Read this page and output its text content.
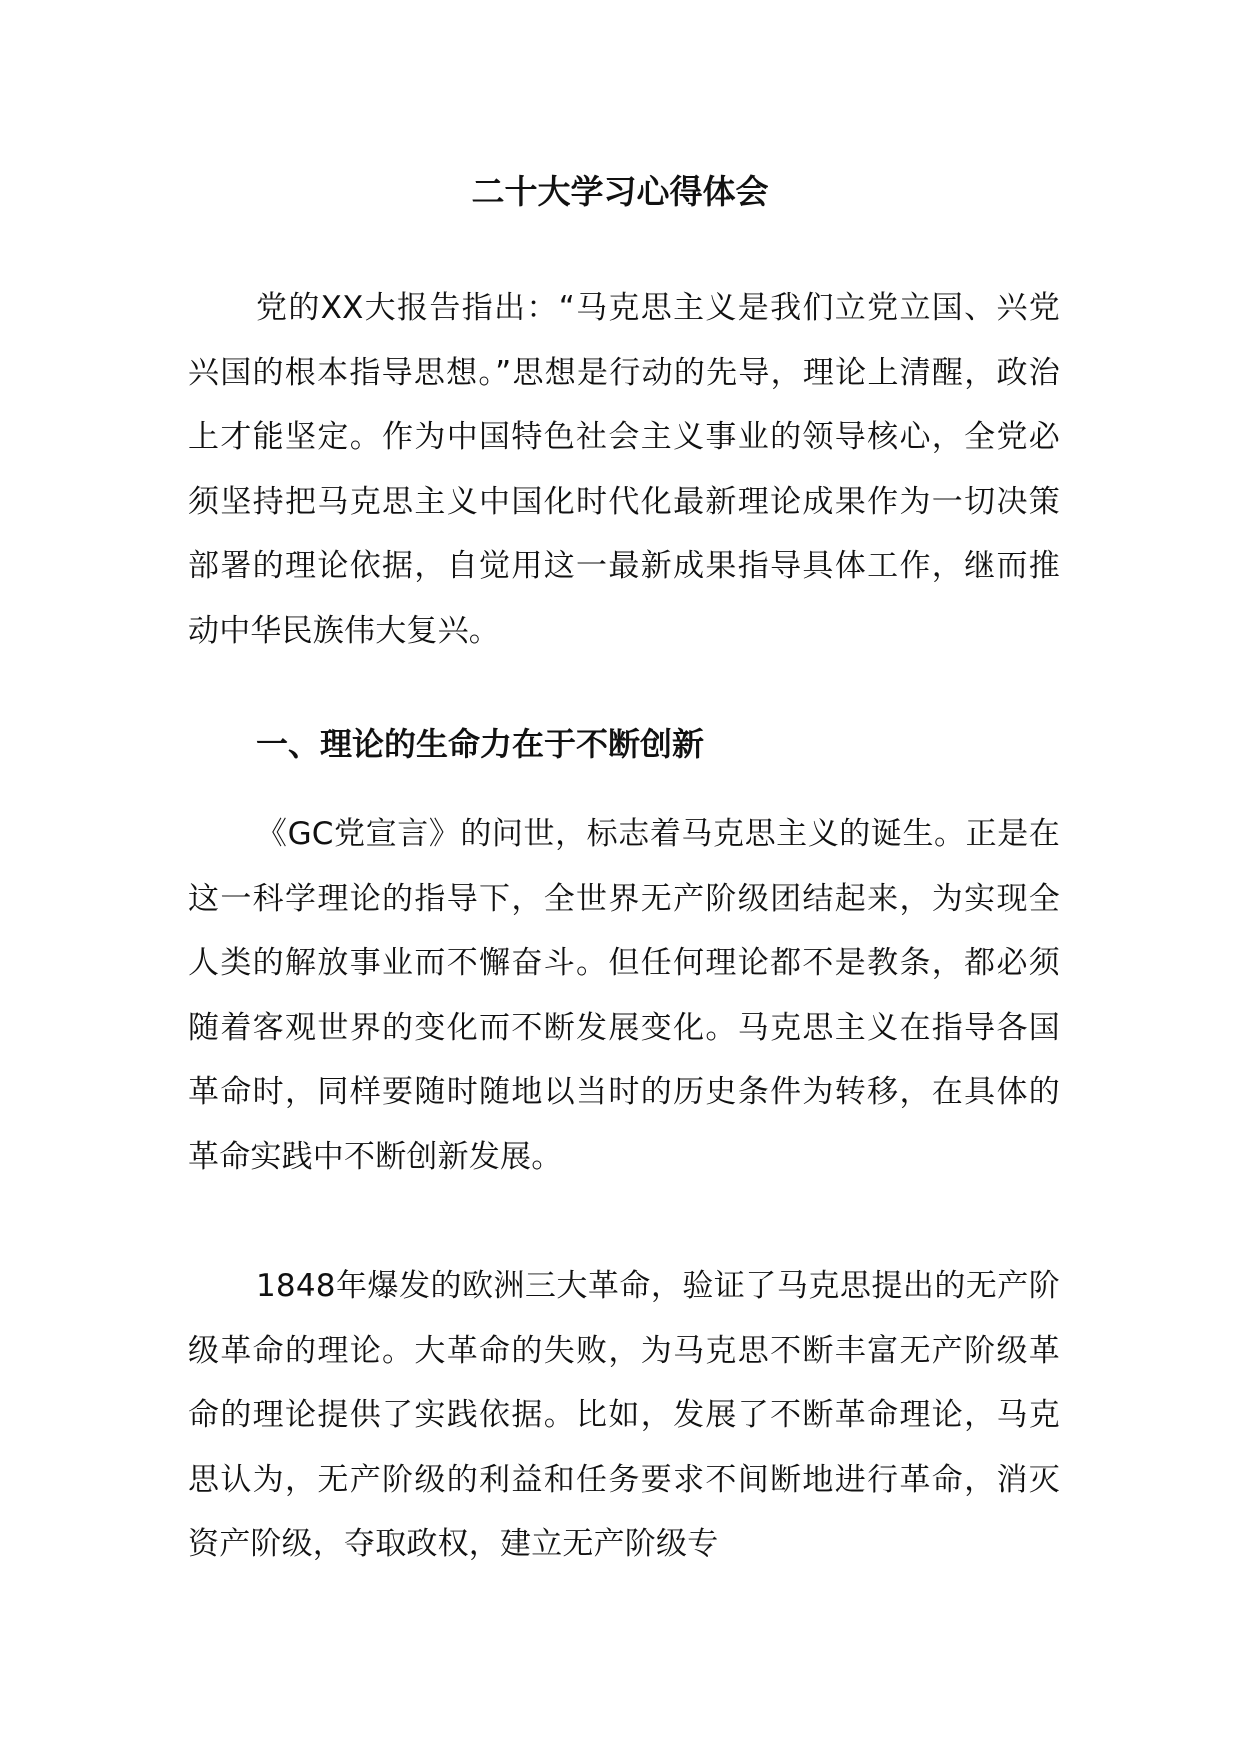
二十大学习心得体会

党的XX大报告指出：“马克思主义是我们立党立国、兴党兴国的根本指导思想。”思想是行动的先导，理论上清醒，政治上才能坚定。作为中国特色社会主义事业的领导核心，全党必须坚持把马克思主义中国化时代化最新理论成果作为一切决策部署的理论依据，自觉用这一最新成果指导具体工作，继而推动中华民族伟大复兴。

一、理论的生命力在于不断创新

《GC党宣言》的问世，标志着马克思主义的诞生。正是在这一科学理论的指导下，全世界无产阶级团结起来，为实现全人类的解放事业而不懈奋斗。但任何理论都不是教条，都必须随着客观世界的变化而不断发展变化。马克思主义在指导各国革命时，同样要随时随地以当时的历史条件为转移，在具体的革命实践中不断创新发展。

1848年爆发的欧洲三大革命，验证了马克思提出的无产阶级革命的理论。大革命的失败，为马克思不断丰富无产阶级革命的理论提供了实践依据。比如，发展了不断革命理论，马克思认为，无产阶级的利益和任务要求不间断地进行革命，消灭资产阶级，夺取政权，建立无产阶级专
